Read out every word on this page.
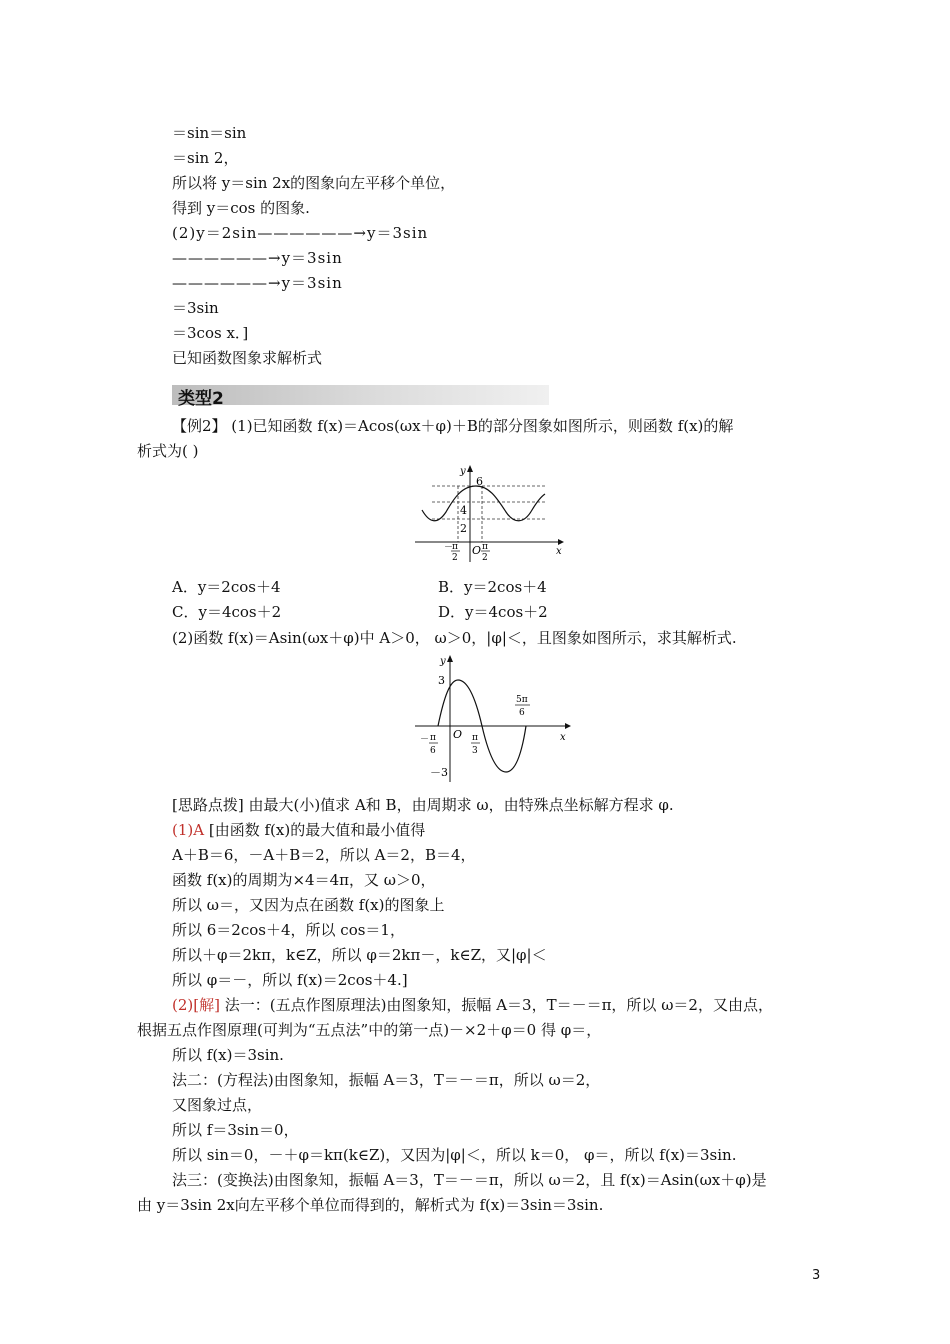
＝sin＝sin
＝sin 2，
所以将 y＝sin 2x的图象向左平移个单位，
得到 y＝cos 的图象.
(2)y＝2sin——————→y＝3sin
——————→y＝3sin
——————→y＝3sin
＝3sin
＝3cos x．]
已知函数图象求解析式
类型2
【例2】 (1)已知函数 f(x)＝Acos(ωx＋φ)＋B的部分图象如图所示，则函数 f(x)的解
析式为( )
y
x
6
4
2
O
－
π
2
π
2
A．y＝2cos＋4	B．y＝2cos＋4
C．y＝4cos＋2	D．y＝4cos＋2
(2)函数 f(x)＝Asin(ωx＋φ)中 A＞0， ω＞0，|φ|＜，且图象如图所示，求其解析式.
y
x
3
－3
O
－ π
6
π
3
5π
6
[思路点拨] 由最大(小)值求 A和 B，由周期求 ω，由特殊点坐标解方程求 φ.
(1)A [由函数 f(x)的最大值和最小值得
A＋B＝6，－A＋B＝2，所以 A＝2，B＝4，
函数 f(x)的周期为×4＝4π，又 ω＞0，
所以 ω＝，又因为点在函数 f(x)的图象上
所以 6＝2cos＋4，所以 cos＝1，
所以＋φ＝2kπ，k∈Z，所以 φ＝2kπ－，k∈Z，又|φ|＜
所以 φ＝－，所以 f(x)＝2cos＋4.]
(2)[解] 法一：(五点作图原理法)由图象知，振幅 A＝3，T＝－＝π，所以 ω＝2，又由点，
根据五点作图原理(可判为“五点法”中的第一点)－×2＋φ＝0 得 φ＝，
所以 f(x)＝3sin.
法二：(方程法)由图象知，振幅 A＝3，T＝－＝π，所以 ω＝2，
又图象过点，
所以 f＝3sin＝0，
所以 sin＝0，－＋φ＝kπ(k∈Z)，又因为|φ|＜，所以 k＝0， φ＝，所以 f(x)＝3sin.
法三：(变换法)由图象知，振幅 A＝3，T＝－＝π，所以 ω＝2，且 f(x)＝Asin(ωx＋φ)是
由 y＝3sin 2x向左平移个单位而得到的，解析式为 f(x)＝3sin＝3sin.
3
